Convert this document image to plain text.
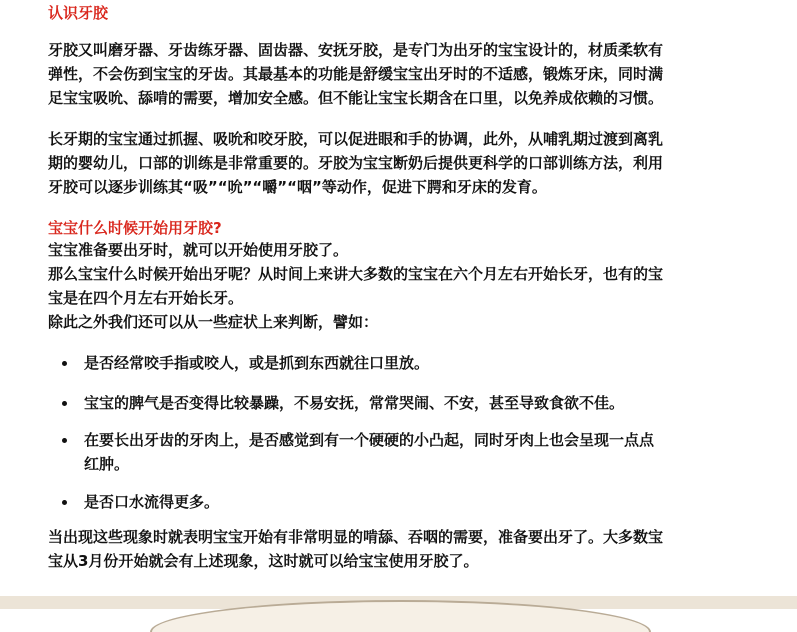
认识牙胶
牙胶又叫磨牙器、牙齿练牙器、固齿器、安抚牙胶，是专门为出牙的宝宝设计的，材质柔软有
弹性，不会伤到宝宝的牙齿。其最基本的功能是舒缓宝宝出牙时的不适感，锻炼牙床，同时满
足宝宝吸吮、舔啃的需要，增加安全感。但不能让宝宝长期含在口里，以免养成依赖的习惯。
长牙期的宝宝通过抓握、吸吮和咬牙胶，可以促进眼和手的协调，此外，从哺乳期过渡到离乳
期的婴幼儿，口部的训练是非常重要的。牙胶为宝宝断奶后提供更科学的口部训练方法，利用
牙胶可以逐步训练其“吸”“吮”“嚼”“咽”等动作，促进下腭和牙床的发育。
宝宝什么时候开始用牙胶?
宝宝准备要出牙时，就可以开始使用牙胶了。
那么宝宝什么时候开始出牙呢？从时间上来讲大多数的宝宝在六个月左右开始长牙，也有的宝
宝是在四个月左右开始长牙。
除此之外我们还可以从一些症状上来判断，譬如：
是否经常咬手指或咬人，或是抓到东西就往口里放。
宝宝的脾气是否变得比较暴躁，不易安抚，常常哭闹、不安，甚至导致食欲不佳。
在要长出牙齿的牙肉上，是否感觉到有一个硬硬的小凸起，同时牙肉上也会呈现一点点
红肿。
是否口水流得更多。
当出现这些现象时就表明宝宝开始有非常明显的啃舔、吞咽的需要，准备要出牙了。大多数宝
宝从3月份开始就会有上述现象，这时就可以给宝宝使用牙胶了。
